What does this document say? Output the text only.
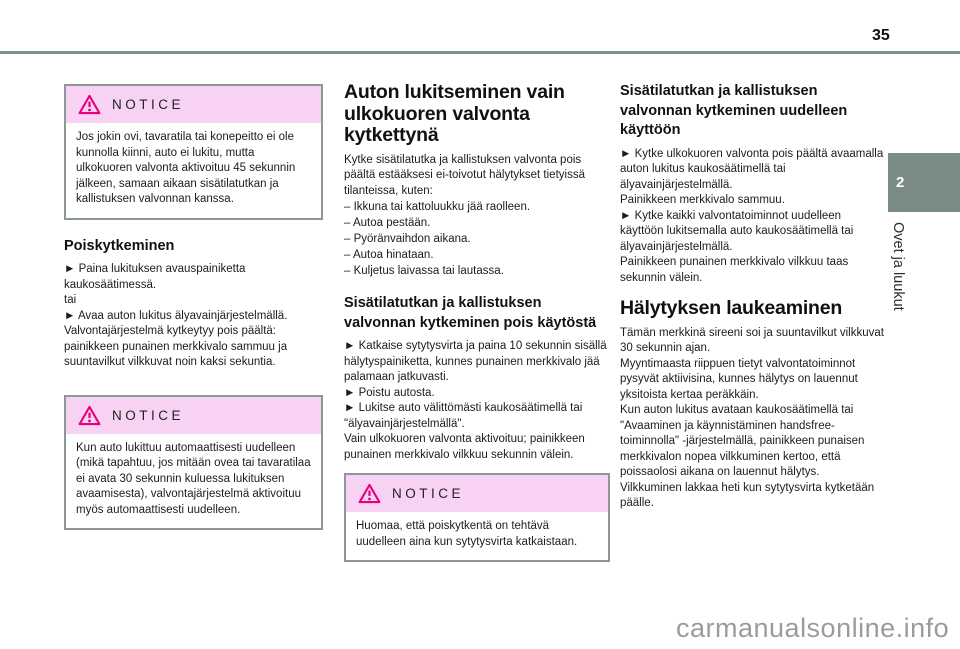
35
NOTICE
Jos jokin ovi, tavaratila tai konepeitto ei ole kunnolla kiinni, auto ei lukitu, mutta ulkokuoren valvonta aktivoituu 45 sekunnin jälkeen, samaan aikaan sisätilatutkan ja kallistuksen valvonnan kanssa.
Poiskytkeminen

► Paina lukituksen avauspainiketta kaukosäätimessä.

tai

► Avaa auton lukitus älyavainjärjestelmällä.

Valvontajärjestelmä kytkeytyy pois päältä: painikkeen punainen merkkivalo sammuu ja suuntavilkut vilkkuvat noin kaksi sekuntia.

NOTICE
Kun auto lukittuu automaattisesti uudelleen (mikä tapahtuu, jos mitään ovea tai tavaratilaa ei avata 30 sekunnin kuluessa lukituksen avaamisesta), valvontajärjestelmä aktivoituu myös automaattisesti uudelleen.
Auton lukitseminen vain ulkokuoren valvonta kytkettynä

Kytke sisätilatutka ja kallistuksen valvonta pois päältä estääksesi ei-toivotut hälytykset tietyissä tilanteissa, kuten:

– Ikkuna tai kattoluukku jää raolleen.

– Autoa pestään.

– Pyöränvaihdon aikana.

– Autoa hinataan.

– Kuljetus laivassa tai lautassa.

Sisätilatutkan ja kallistuksen valvonnan kytkeminen pois käytöstä

► Katkaise sytytysvirta ja paina 10 sekunnin sisällä hälytyspainiketta, kunnes punainen merkkivalo jää palamaan jatkuvasti.

► Poistu autosta.

► Lukitse auto välittömästi kaukosäätimellä tai "älyavainjärjestelmällä".

Vain ulkokuoren valvonta aktivoituu; painikkeen punainen merkkivalo vilkkuu sekunnin välein.

NOTICE
Huomaa, että poiskytkentä on tehtävä uudelleen aina kun sytytysvirta katkaistaan.
Sisätilatutkan ja kallistuksen valvonnan kytkeminen uudelleen käyttöön

► Kytke ulkokuoren valvonta pois päältä avaamalla auton lukitus kaukosäätimellä tai älyavainjärjestelmällä.

Painikkeen merkkivalo sammuu.

► Kytke kaikki valvontatoiminnot uudelleen käyttöön lukitsemalla auto kaukosäätimellä tai älyavainjärjestelmällä.

Painikkeen punainen merkkivalo vilkkuu taas sekunnin välein.

Hälytyksen laukeaminen

Tämän merkkinä sireeni soi ja suuntavilkut vilkkuvat 30 sekunnin ajan.

Myyntimaasta riippuen tietyt valvontatoiminnot pysyvät aktiivisina, kunnes hälytys on lauennut yksitoista kertaa peräkkäin.

Kun auton lukitus avataan kaukosäätimellä tai "Avaaminen ja käynnistäminen handsfree-toiminnolla" -järjestelmällä, painikkeen punaisen merkkivalon nopea vilkkuminen kertoo, että poissaolosi aikana on lauennut hälytys. Vilkkuminen lakkaa heti kun sytytysvirta kytketään päälle.

2
Ovet ja luukut
carmanualsonline.info
